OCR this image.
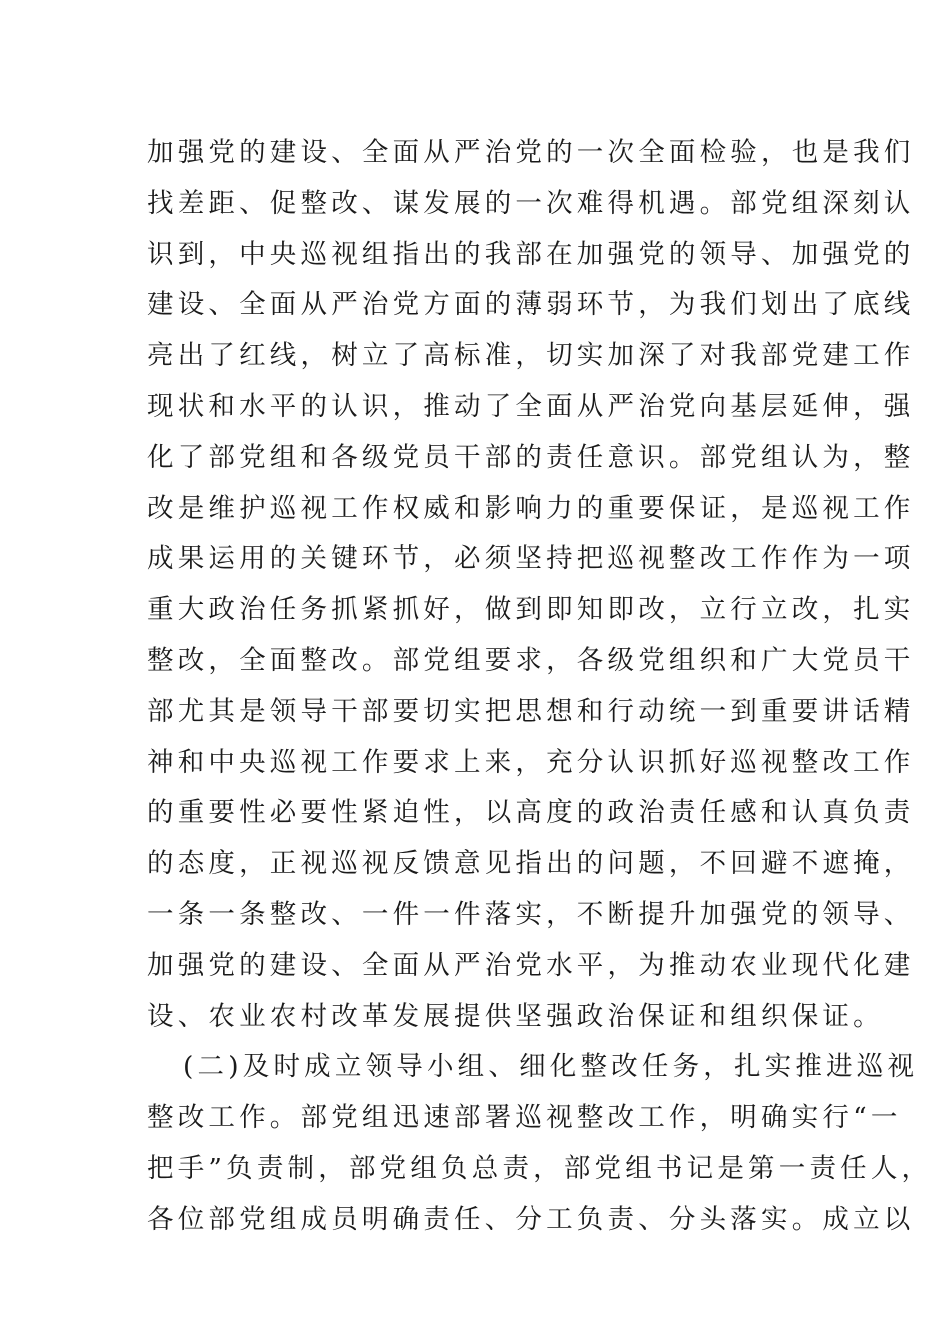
加强党的建设、全面从严治党的一次全面检验，也是我们

找差距、促整改、谋发展的一次难得机遇。部党组深刻认

识到，中央巡视组指出的我部在加强党的领导、加强党的

建设、全面从严治党方面的薄弱环节，为我们划出了底线

亮出了红线，树立了高标准，切实加深了对我部党建工作

现状和水平的认识，推动了全面从严治党向基层延伸，强

化了部党组和各级党员干部的责任意识。部党组认为，整

改是维护巡视工作权威和影响力的重要保证，是巡视工作

成果运用的关键环节，必须坚持把巡视整改工作作为一项

重大政治任务抓紧抓好，做到即知即改，立行立改，扎实

整改，全面整改。部党组要求，各级党组织和广大党员干

部尤其是领导干部要切实把思想和行动统一到重要讲话精

神和中央巡视工作要求上来，充分认识抓好巡视整改工作

的重要性必要性紧迫性，以高度的政治责任感和认真负责

的态度，正视巡视反馈意见指出的问题，不回避不遮掩，

一条一条整改、一件一件落实，不断提升加强党的领导、

加强党的建设、全面从严治党水平，为推动农业现代化建

设、农业农村改革发展提供坚强政治保证和组织保证。

(二)及时成立领导小组、细化整改任务，扎实推进巡视

整改工作。部党组迅速部署巡视整改工作，明确实行“一

把手”负责制，部党组负总责，部党组书记是第一责任人，

各位部党组成员明确责任、分工负责、分头落实。成立以
